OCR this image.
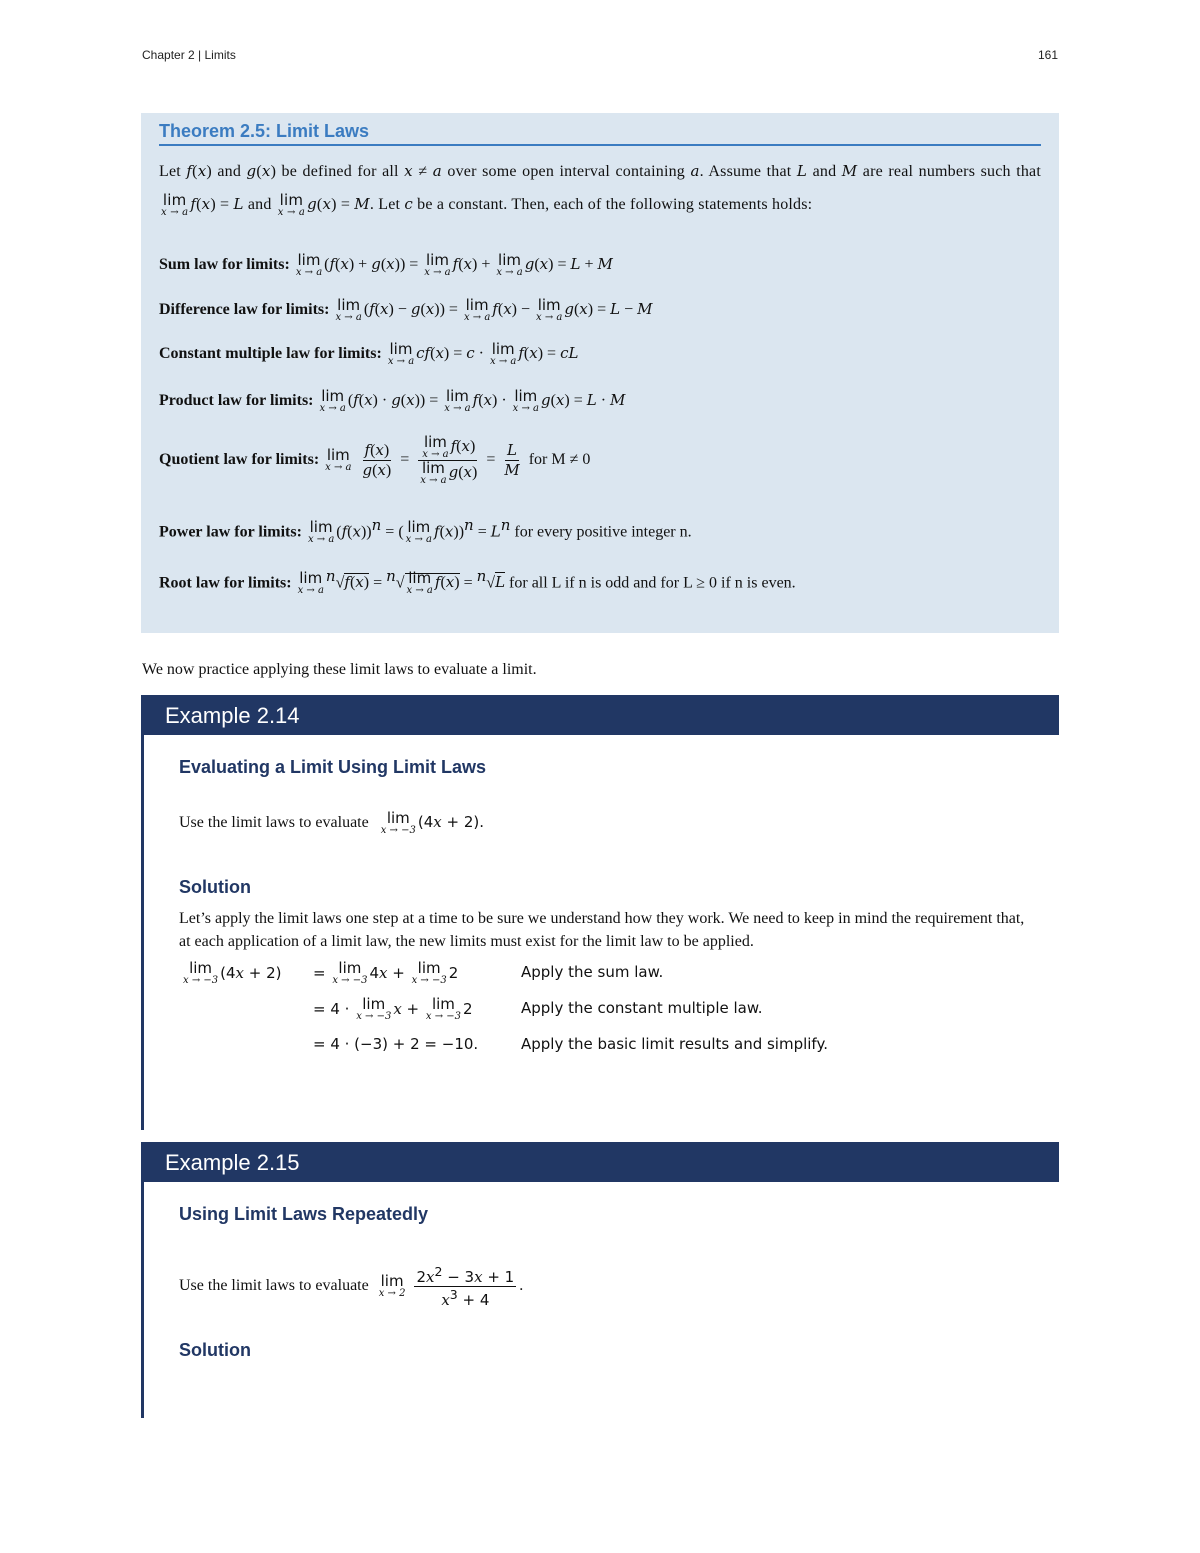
Chapter 2 | Limits	161
Theorem 2.5: Limit Laws
Let f(x) and g(x) be defined for all x ≠ a over some open interval containing a. Assume that L and M are real numbers such that
lim
x → a f(x) = L and lim
x → a g(x) = M. Let c be a constant. Then, each of the following statements holds:
Sum law for limits: lim
x → a (f(x) + g(x)) = lim
x → a f(x) + lim
x → a g(x) = L + M
Difference law for limits: lim
x → a (f(x) − g(x)) = lim
x → a f(x) − lim
x → a g(x) = L − M
Constant multiple law for limits: lim
x → a cf(x) = c · lim
x → a f(x) = cL
Product law for limits: lim
x → a (f(x) · g(x)) = lim
x → a f(x) · lim
x → a g(x) = L · M
Quotient law for limits: lim
x → a
$\frac{f(x)}{g(x)} = \lim$
x → a f(x)
lim
x → a $g(x) = \frac{L}{M}$ for M ≠ 0
Power law for limits: lim
x → a $(f(x))^n$ = ( lim
x → a $f(x))^n = L^n$ for every positive integer n.
Root law for limits: lim
x → a
$^n$√f(x) = $^n$√ lim
x → a f(x) = $^n$√L for all L if n is odd and for L ≥ 0 if n is even.
We now practice applying these limit laws to evaluate a limit.
Example 2.14
Evaluating a Limit Using Limit Laws
Use the limit laws to evaluate lim
x → −3 (4x + 2).
Solution
Let’s apply the limit laws one step at a time to be sure we understand how they work. We need to keep in mind the requirement that, at each application of a limit law, the new limits must exist for the limit law to be applied.
lim
x → −3 (4x + 2) = lim
x → −3 4x + lim
x → −3 2	Apply the sum law.
= 4 · lim
x → −3 x + lim
x → −3 2	Apply the constant multiple law.
= 4 · (−3) + 2 = −10.	Apply the basic limit results and simplify.
Example 2.15
Using Limit Laws Repeatedly
Use the limit laws to evaluate lim
x → 2
$\frac{2x^2 - 3x + 1}{x^3 + 4}$ .
Solution
